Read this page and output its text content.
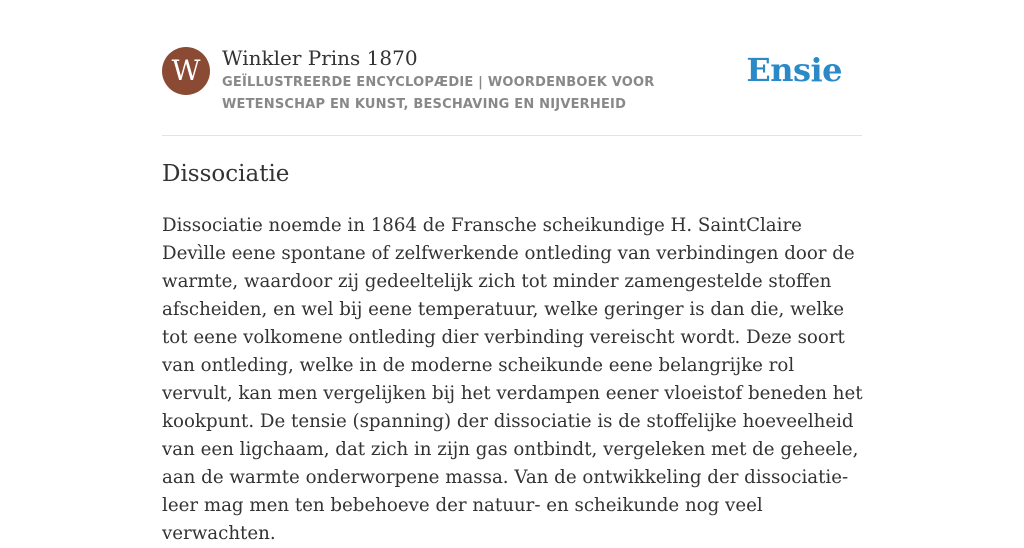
W	Winkler Prins 1870
GEÏLLUSTREERDE ENCYCLOPÆDIE | WOORDENBOEK VOOR WETENSCHAP EN KUNST, BESCHAVING EN NIJVERHEID
Ensie
Dissociatie

Dissociatie noemde in 1864 de Fransche scheikundige H. SaintClaire Devìlle eene spontane of zelfwerkende ontleding van verbindingen door de warmte, waardoor zij gedeeltelijk zich tot minder zamengestelde stoffen afscheiden, en wel bij eene temperatuur, welke geringer is dan die, welke tot eene volkomene ontleding dier verbinding vereischt wordt. Deze soort van ontleding, welke in de moderne scheikunde eene belangrijke rol vervult, kan men vergelijken bij het verdampen eener vloeistof beneden het kookpunt. De tensie (spanning) der dissociatie is de stoffelijke hoeveelheid van een ligchaam, dat zich in zijn gas ontbindt, vergeleken met de geheele, aan de warmte onderworpene massa. Van de ontwikkeling der dissociatie-leer mag men ten bebehoeve der natuur- en scheikunde nog veel verwachten.
